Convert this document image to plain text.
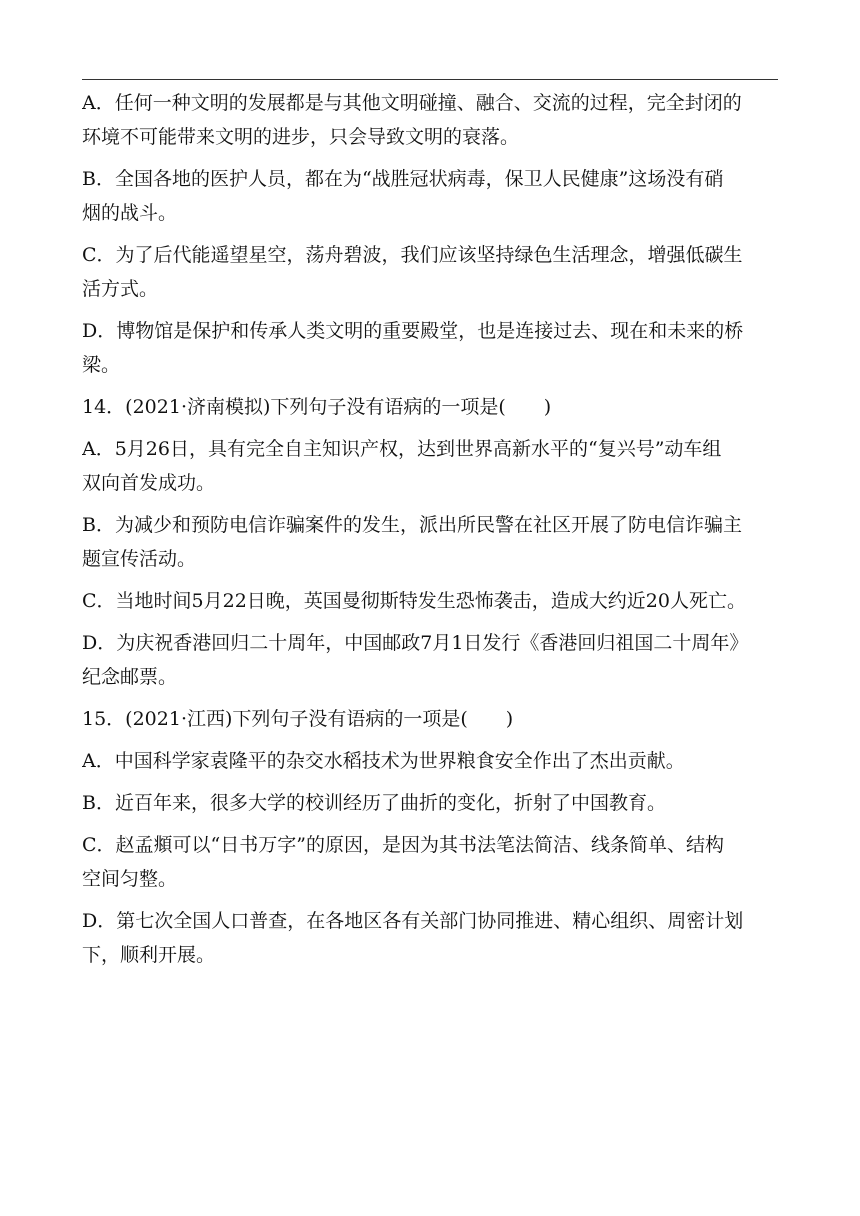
A．任何一种文明的发展都是与其他文明碰撞、融合、交流的过程，完全封闭的
环境不可能带来文明的进步，只会导致文明的衰落。
B．全国各地的医护人员，都在为“战胜冠状病毒，保卫人民健康”这场没有硝
烟的战斗。
C．为了后代能遥望星空，荡舟碧波，我们应该坚持绿色生活理念，增强低碳生
活方式。
D．博物馆是保护和传承人类文明的重要殿堂，也是连接过去、现在和未来的桥
梁。
14．(2021·济南模拟)下列句子没有语病的一项是(　　)
A．5月26日，具有完全自主知识产权，达到世界高新水平的“复兴号”动车组
双向首发成功。
B．为减少和预防电信诈骗案件的发生，派出所民警在社区开展了防电信诈骗主
题宣传活动。
C．当地时间5月22日晚，英国曼彻斯特发生恐怖袭击，造成大约近20人死亡。
D．为庆祝香港回归二十周年，中国邮政7月1日发行《香港回归祖国二十周年》
纪念邮票。
15．(2021·江西)下列句子没有语病的一项是(　　)
A．中国科学家袁隆平的杂交水稻技术为世界粮食安全作出了杰出贡献。
B．近百年来，很多大学的校训经历了曲折的变化，折射了中国教育。
C．赵孟頫可以“日书万字”的原因，是因为其书法笔法简洁、线条简单、结构
空间匀整。
D．第七次全国人口普查，在各地区各有关部门协同推进、精心组织、周密计划
下，顺利开展。
